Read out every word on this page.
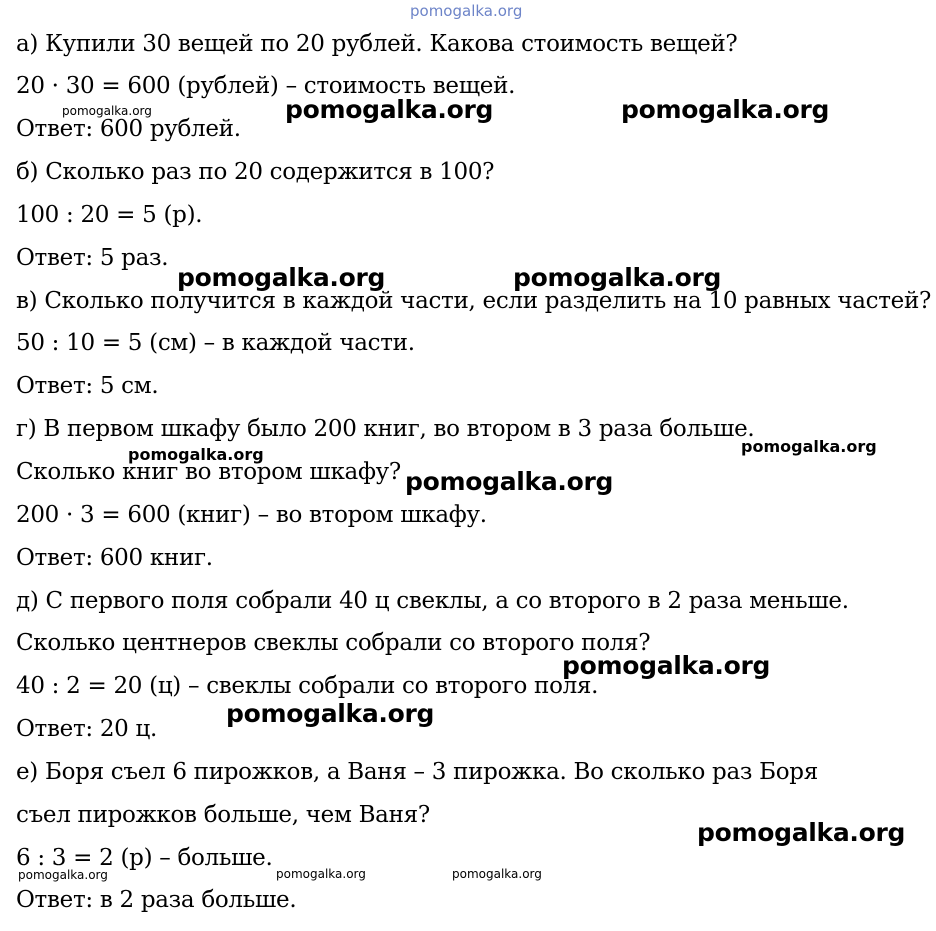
pomogalka.org
а) Купили 30 вещей по 20 рублей. Какова стоимость вещей?
20 · 30 = 600 (рублей) – стоимость вещей.
Ответ: 600 рублей.
б) Сколько раз по 20 содержится в 100?
100 : 20 = 5 (р).
Ответ: 5 раз.
в) Сколько получится в каждой части, если разделить на 10 равных частей?
50 : 10 = 5 (см) – в каждой части.
Ответ: 5 см.
г) В первом шкафу было 200 книг, во втором в 3 раза больше.
Сколько книг во втором шкафу?
200 · 3 = 600 (книг) – во втором шкафу.
Ответ: 600 книг.
д) С первого поля собрали 40 ц свеклы, а со второго в 2 раза меньше.
Сколько центнеров свеклы собрали со второго поля?
40 : 2 = 20 (ц) – свеклы собрали со второго поля.
Ответ: 20 ц.
е) Боря съел 6 пирожков, а Ваня – 3 пирожка. Во сколько раз Боря
съел пирожков больше, чем Ваня?
6 : 3 = 2 (р) – больше.
Ответ: в 2 раза больше.
pomogalka.org	pomogalka.org	pomogalka.org
pomogalka.org	pomogalka.org
pomogalka.org
pomogalka.org
pomogalka.org
pomogalka.org
pomogalka.org
pomogalka.org
pomogalka.org	pomogalka.org	pomogalka.org
